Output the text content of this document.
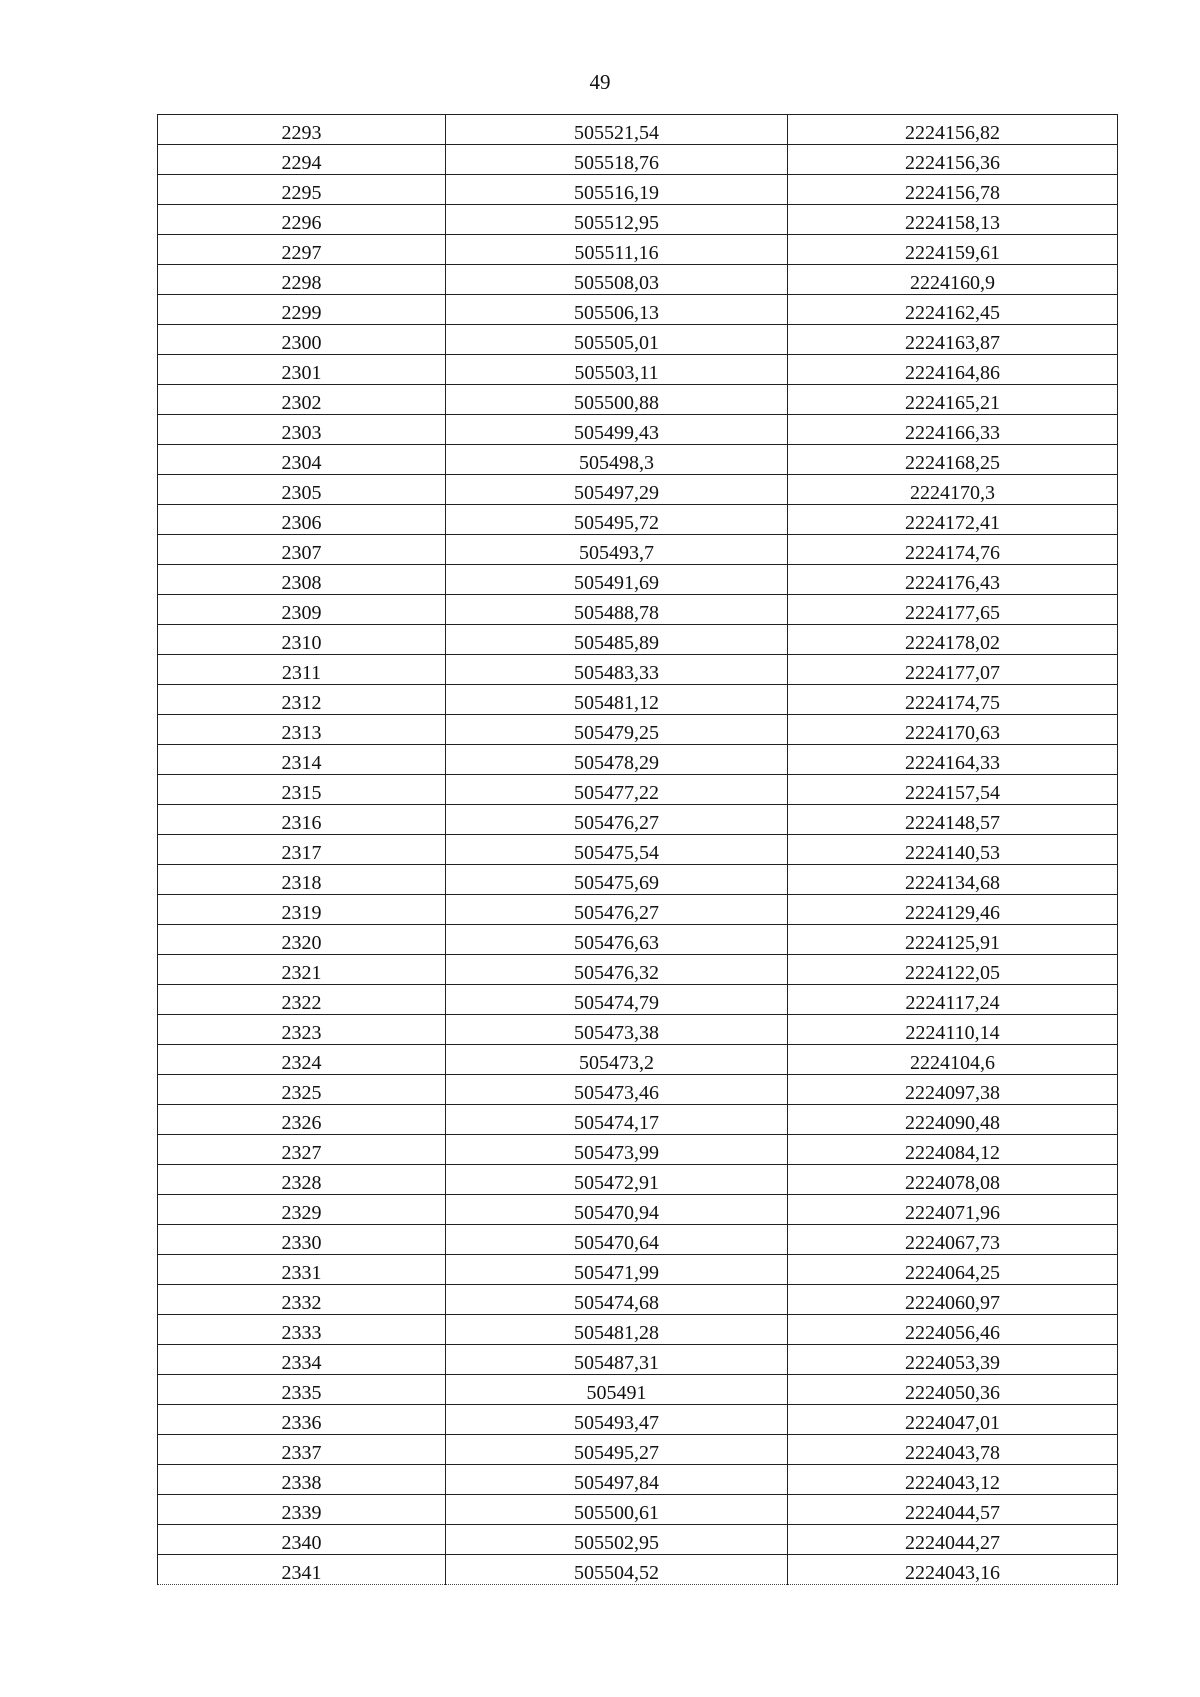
49
2293	505521,54	2224156,82
2294	505518,76	2224156,36
2295	505516,19	2224156,78
2296	505512,95	2224158,13
2297	505511,16	2224159,61
2298	505508,03	2224160,9
2299	505506,13	2224162,45
2300	505505,01	2224163,87
2301	505503,11	2224164,86
2302	505500,88	2224165,21
2303	505499,43	2224166,33
2304	505498,3	2224168,25
2305	505497,29	2224170,3
2306	505495,72	2224172,41
2307	505493,7	2224174,76
2308	505491,69	2224176,43
2309	505488,78	2224177,65
2310	505485,89	2224178,02
2311	505483,33	2224177,07
2312	505481,12	2224174,75
2313	505479,25	2224170,63
2314	505478,29	2224164,33
2315	505477,22	2224157,54
2316	505476,27	2224148,57
2317	505475,54	2224140,53
2318	505475,69	2224134,68
2319	505476,27	2224129,46
2320	505476,63	2224125,91
2321	505476,32	2224122,05
2322	505474,79	2224117,24
2323	505473,38	2224110,14
2324	505473,2	2224104,6
2325	505473,46	2224097,38
2326	505474,17	2224090,48
2327	505473,99	2224084,12
2328	505472,91	2224078,08
2329	505470,94	2224071,96
2330	505470,64	2224067,73
2331	505471,99	2224064,25
2332	505474,68	2224060,97
2333	505481,28	2224056,46
2334	505487,31	2224053,39
2335	505491	2224050,36
2336	505493,47	2224047,01
2337	505495,27	2224043,78
2338	505497,84	2224043,12
2339	505500,61	2224044,57
2340	505502,95	2224044,27
2341	505504,52	2224043,16
